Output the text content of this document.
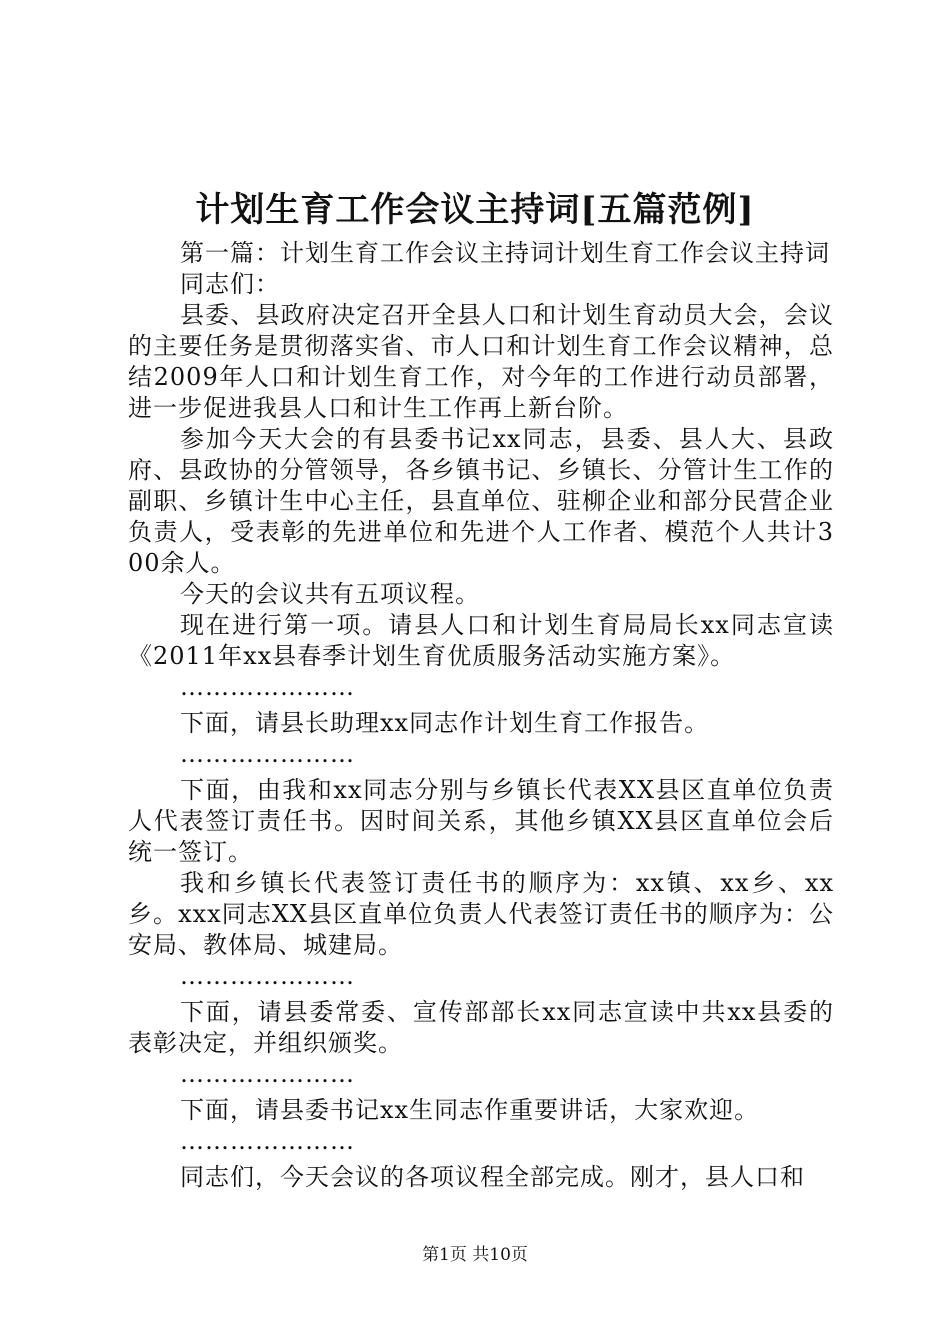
计划生育工作会议主持词[五篇范例]

第一篇：计划生育工作会议主持词计划生育工作会议主持词

同志们：

县委、县政府决定召开全县人口和计划生育动员大会，会议的主要任务是贯彻落实省、市人口和计划生育工作会议精神，总结2009年人口和计划生育工作，对今年的工作进行动员部署，进一步促进我县人口和计生工作再上新台阶。

参加今天大会的有县委书记xx同志，县委、县人大、县政府、县政协的分管领导，各乡镇书记、乡镇长、分管计生工作的副职、乡镇计生中心主任，县直单位、驻柳企业和部分民营企业负责人，受表彰的先进单位和先进个人工作者、模范个人共计300余人。

今天的会议共有五项议程。

现在进行第一项。请县人口和计划生育局局长xx同志宣读《2011年xx县春季计划生育优质服务活动实施方案》。

…………………

下面，请县长助理xx同志作计划生育工作报告。

…………………

下面，由我和xx同志分别与乡镇长代表XX县区直单位负责人代表签订责任书。因时间关系，其他乡镇XX县区直单位会后统一签订。

我和乡镇长代表签订责任书的顺序为：xx镇、xx乡、xx乡。xxx同志XX县区直单位负责人代表签订责任书的顺序为：公安局、教体局、城建局。

…………………

下面，请县委常委、宣传部部长xx同志宣读中共xx县委的表彰决定，并组织颁奖。

…………………

下面，请县委书记xx生同志作重要讲话，大家欢迎。

…………………

同志们，今天会议的各项议程全部完成。刚才，县人口和

第1页 共10页
